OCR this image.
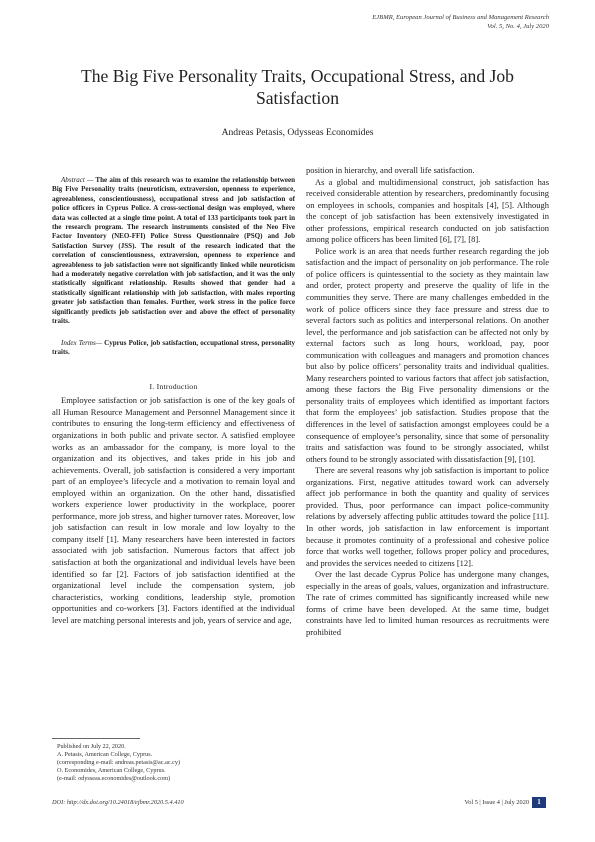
EJBMR, European Journal of Business and Management Research
Vol. 5, No. 4, July 2020
The Big Five Personality Traits, Occupational Stress, and Job Satisfaction
Andreas Petasis, Odysseas Economides

Abstract — The aim of this research was to examine the relationship between Big Five Personality traits (neuroticism, extraversion, openness to experience, agreeableness, conscientiousness), occupational stress and job satisfaction of police officers in Cyprus Police. A cross-sectional design was employed, where data was collected at a single time point. A total of 133 participants took part in the research program. The research instruments consisted of the Neo Five Factor Inventory (NEO-FFI) Police Stress Questionnaire (PSQ) and Job Satisfaction Survey (JSS). The result of the research indicated that the correlation of conscientiousness, extraversion, openness to experience and agreeableness to job satisfaction were not significantly linked while neuroticism had a moderately negative correlation with job satisfaction, and it was the only statistically significant relationship. Results showed that gender had a statistically significant relationship with job satisfaction, with males reporting greater job satisfaction than females. Further, work stress in the police force significantly predicts job satisfaction over and above the effect of personality traits.

Index Terms— Cyprus Police, job satisfaction, occupational stress, personality traits.

I. Introduction

Employee satisfaction or job satisfaction is one of the key goals of all Human Resource Management and Personnel Management since it contributes to ensuring the long-term efficiency and effectiveness of organizations in both public and private sector. A satisfied employee works as an ambassador for the company, is more loyal to the organization and its objectives, and takes pride in his job and achievements. Overall, job satisfaction is considered a very important part of an employee’s lifecycle and a motivation to remain loyal and employed within an organization. On the other hand, dissatisfied workers experience lower productivity in the workplace, poorer performance, more job stress, and higher turnover rates. Moreover, low job satisfaction can result in low morale and low loyalty to the company itself [1]. Many researchers have been interested in factors associated with job satisfaction. Numerous factors that affect job satisfaction at both the organizational and individual levels have been identified so far [2]. Factors of job satisfaction identified at the organizational level include the compensation system, job characteristics, working conditions, leadership style, promotion opportunities and co-workers [3]. Factors identified at the individual level are matching personal interests and job, years of service and age,

position in hierarchy, and overall life satisfaction.

As a global and multidimensional construct, job satisfaction has received considerable attention by researchers, predominantly focusing on employees in schools, companies and hospitals [4], [5]. Although the concept of job satisfaction has been extensively investigated in other professions, empirical research conducted on job satisfaction among police officers has been limited [6], [7], [8].

Police work is an area that needs further research regarding the job satisfaction and the impact of personality on job performance. The role of police officers is quintessential to the society as they maintain law and order, protect property and preserve the quality of life in the communities they serve. There are many challenges embedded in the work of police officers since they face pressure and stress due to several factors such as politics and interpersonal relations. On another level, the performance and job satisfaction can be affected not only by external factors such as long hours, workload, pay, poor communication with colleagues and managers and promotion chances but also by police officers’ personality traits and individual qualities. Many researchers pointed to various factors that affect job satisfaction, among these factors the Big Five personality dimensions or the personality traits of employees which identified as important factors that form the employees’ job satisfaction. Studies propose that the differences in the level of satisfaction amongst employees could be a consequence of employee’s personality, since that some of personality traits and satisfaction was found to be strongly associated, whilst others found to be strongly associated with dissatisfaction [9], [10].

There are several reasons why job satisfaction is important to police organizations. First, negative attitudes toward work can adversely affect job performance in both the quantity and quality of services provided. Thus, poor performance can impact police-community relations by adversely affecting public attitudes toward the police [11]. In other words, job satisfaction in law enforcement is important because it promotes continuity of a professional and cohesive police force that works well together, follows proper policy and procedures, and provides the services needed to citizens [12].

Over the last decade Cyprus Police has undergone many changes, especially in the areas of goals, values, organization and infrastructure. The rate of crimes committed has significantly increased while new forms of crime have been developed. At the same time, budget constraints have led to limited human resources as recruitments were prohibited

Published on July 22, 2020.
A. Petasis, American College, Cyprus.
(corresponding e-mail: andreas.petasis@ac.ac.cy)
O. Economides, American College, Cyprus.
(e-mail: odysseas.economides@outlook.com)
DOI: http://dx.doi.org/10.24018/ejbmr.2020.5.4.410	Vol 5 | Issue 4 | July 2020	1
